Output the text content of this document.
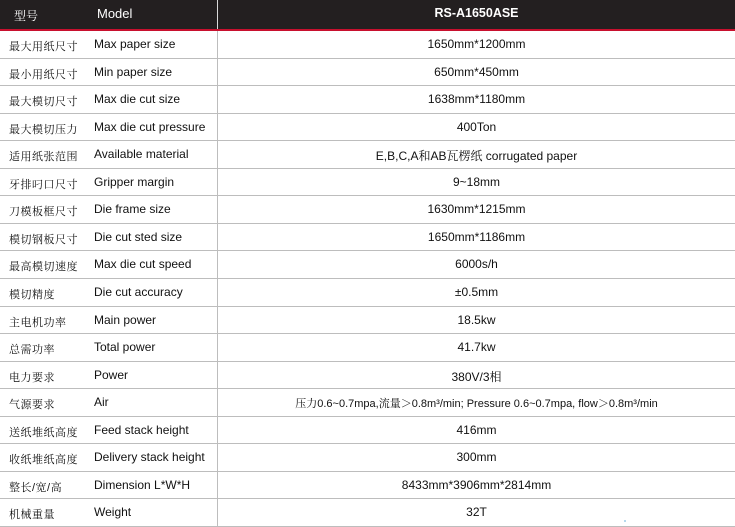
型号	Model	RS-A1650ASE
最大用纸尺寸 Max paper size	1650mm*1200mm
最小用纸尺寸 Min paper size	650mm*450mm
最大模切尺寸 Max die cut size	1638mm*1180mm
最大模切压力 Max die cut pressure	400Ton
适用纸张范围 Available material	E,B,C,A和AB瓦楞纸 corrugated paper
牙排叼口尺寸 Gripper margin	9~18mm
刀模板框尺寸 Die frame size	1630mm*1215mm
模切钢板尺寸 Die cut sted size	1650mm*1186mm
最高模切速度 Max die cut speed	6000s/h
模切精度	Die cut accuracy	±0.5mm
主电机功率 Main power	18.5kw
总需功率	Total power	41.7kw
电力要求	Power	380V/3相
气源要求	Air	压力0.6~0.7mpa,流量＞0.8m³/min; Pressure 0.6~0.7mpa, flow＞0.8m³/min
送纸堆纸高度 Feed stack height	416mm
收纸堆纸高度 Delivery stack height	300mm
整长/宽/高	Dimension L*W*H	8433mm*3906mm*2814mm
机械重量	Weight	32T
